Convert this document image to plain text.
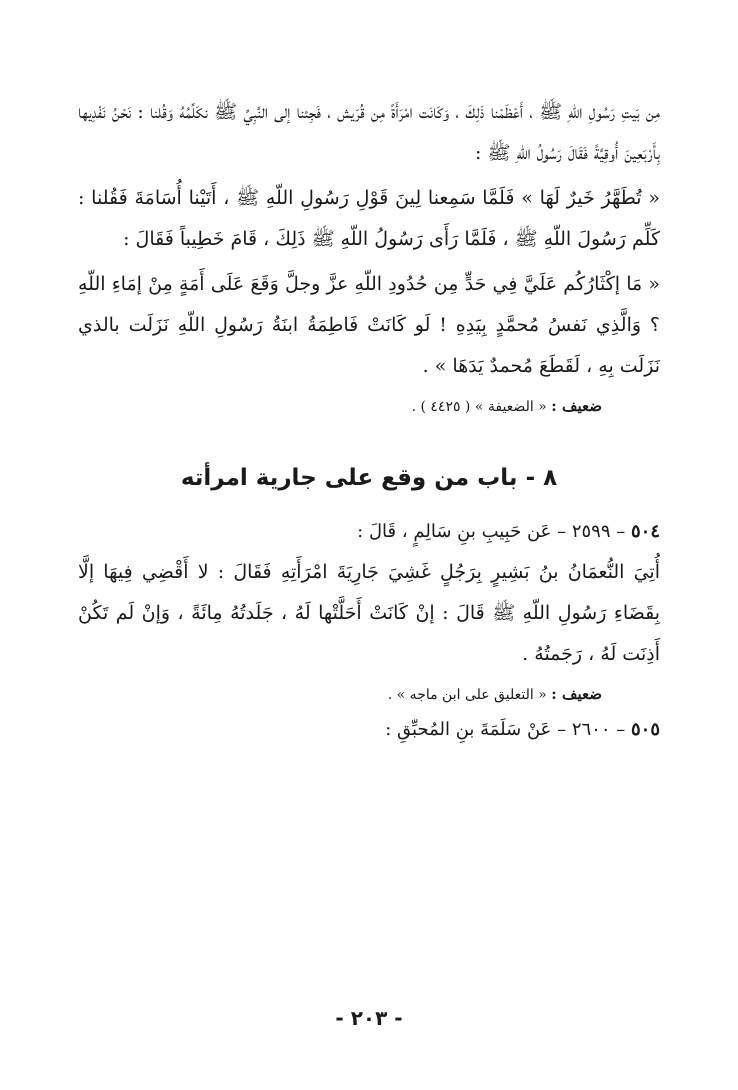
مِن بَيتِ رَسُولِ اللّهِ ﷺ ، أَعْظَمْنا ذَلِكَ ، وَكَانَت امْرَأَةً مِن قُرَيش ، فَجِئنا إلى النَّبِيِّ ﷺ نكَلِّمُهُ وَقُلنا : نَحْنُ نَفْدِيها بِأَرْبَعِينَ أُوقِيَّةً فَقَالَ رَسُولُ اللّهِ ﷺ :

« تُطَهَّرُ خَيرٌ لَهَا » فَلَمَّا سَمِعنا لِينَ قَوْلِ رَسُولِ اللّهِ ﷺ ، أَتَيْنا أُسَامَةَ فَقُلنا : كَلِّم رَسُولَ اللّهِ ﷺ ، فَلَمَّا رَأَى رَسُولُ اللّهِ ﷺ ذَلِكَ ، قَامَ خَطِيباً فَقَالَ :

« مَا إكْثَارُكُم عَلَيَّ فِي حَدٍّ مِن حُدُودِ اللّهِ عزَّ وجلَّ وَقَعَ عَلَى أَمَةٍ مِنْ إمَاءِ اللّهِ ؟ وَالَّذِي نَفسُ مُحمَّدٍ بِيَدِهِ ! لَو كَانَتْ فَاطِمَةُ ابنَةُ رَسُولِ اللّهِ نَزَلَت بالذي نَزَلَت بِهِ ، لَقَطَعَ مُحمدٌ يَدَهَا » .

ضعيف : « الضعيفة » ( ٤٤٢٥ ) .

٨ - باب من وقع على جارية امرأته

٥٠٤ – ٢٥٩٩ – عَن حَبِيبِ بنِ سَالِمٍ ، قَالَ :

أُتِيَ النُّعمَانُ بنُ بَشِيرٍ بِرَجُلٍ غَشِيَ جَارِيَةَ امْرَأَتِهِ فَقَالَ : لا أَقْضِي فِيهَا إلَّا بِقَضَاءِ رَسُولِ اللّهِ ﷺ قَالَ : إنْ كَانَتْ أَحَلَّتْها لَهُ ، جَلَدتُهُ مِائَةً ، وَإنْ لَم تَكُنْ أَذِنَت لَهُ ، رَجَمتُهُ .

ضعيف : « التعليق على ابن ماجه » .

٥٠٥ – ٢٦٠٠ – عَنْ سَلَمَةَ بنِ المُحبِّقِ :

- ٢٠٣ -
